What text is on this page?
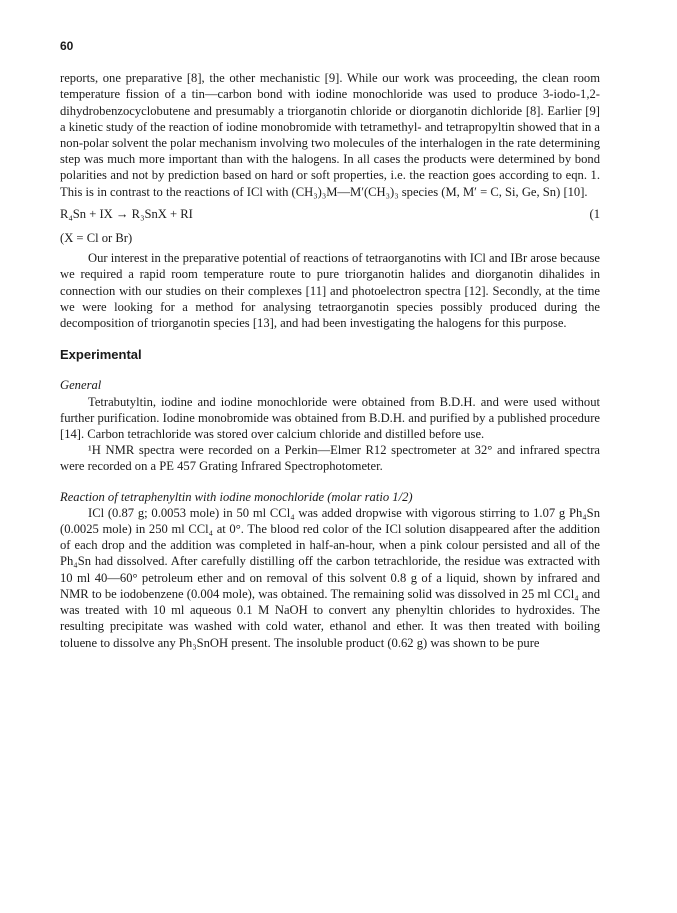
60

reports, one preparative [8], the other mechanistic [9]. While our work was proceeding, the clean room temperature fission of a tin—carbon bond with iodine monochloride was used to produce 3-iodo-1,2-dihydrobenzocyclobutene and presumably a triorganotin chloride or diorganotin dichloride [8]. Earlier [9] a kinetic study of the reaction of iodine monobromide with tetramethyl- and tetrapropyltin showed that in a non-polar solvent the polar mechanism involving two molecules of the interhalogen in the rate determining step was much more important than with the halogens. In all cases the products were determined by bond polarities and not by prediction based on hard or soft properties, i.e. the reaction goes according to eqn. 1. This is in contrast to the reactions of ICl with (CH₃)₃M—M′(CH₃)₃ species (M, M′ = C, Si, Ge, Sn) [10].

R₄Sn + IX → R₃SnX + RI	(1

(X = Cl or Br)

Our interest in the preparative potential of reactions of tetraorganotins with ICl and IBr arose because we required a rapid room temperature route to pure triorganotin halides and diorganotin dihalides in connection with our studies on their complexes [11] and photoelectron spectra [12]. Secondly, at the time we were looking for a method for analysing tetraorganotin species possibly produced during the decomposition of triorganotin species [13], and had been investigating the halogens for this purpose.

Experimental
General

Tetrabutyltin, iodine and iodine monochloride were obtained from B.D.H. and were used without further purification. Iodine monobromide was obtained from B.D.H. and purified by a published procedure [14]. Carbon tetrachloride was stored over calcium chloride and distilled before use.

¹H NMR spectra were recorded on a Perkin—Elmer R12 spectrometer at 32° and infrared spectra were recorded on a PE 457 Grating Infrared Spectrophotometer.

Reaction of tetraphenyltin with iodine monochloride (molar ratio 1/2)

ICl (0.87 g; 0.0053 mole) in 50 ml CCl₄ was added dropwise with vigorous stirring to 1.07 g Ph₄Sn (0.0025 mole) in 250 ml CCl₄ at 0°. The blood red color of the ICl solution disappeared after the addition of each drop and the addition was completed in half-an-hour, when a pink colour persisted and all of the Ph₄Sn had dissolved. After carefully distilling off the carbon tetrachloride, the residue was extracted with 10 ml 40—60° petroleum ether and on removal of this solvent 0.8 g of a liquid, shown by infrared and NMR to be iodobenzene (0.004 mole), was obtained. The remaining solid was dissolved in 25 ml CCl₄ and was treated with 10 ml aqueous 0.1 M NaOH to convert any phenyltin chlorides to hydroxides. The resulting precipitate was washed with cold water, ethanol and ether. It was then treated with boiling toluene to dissolve any Ph₃SnOH present. The insoluble product (0.62 g) was shown to be pure
